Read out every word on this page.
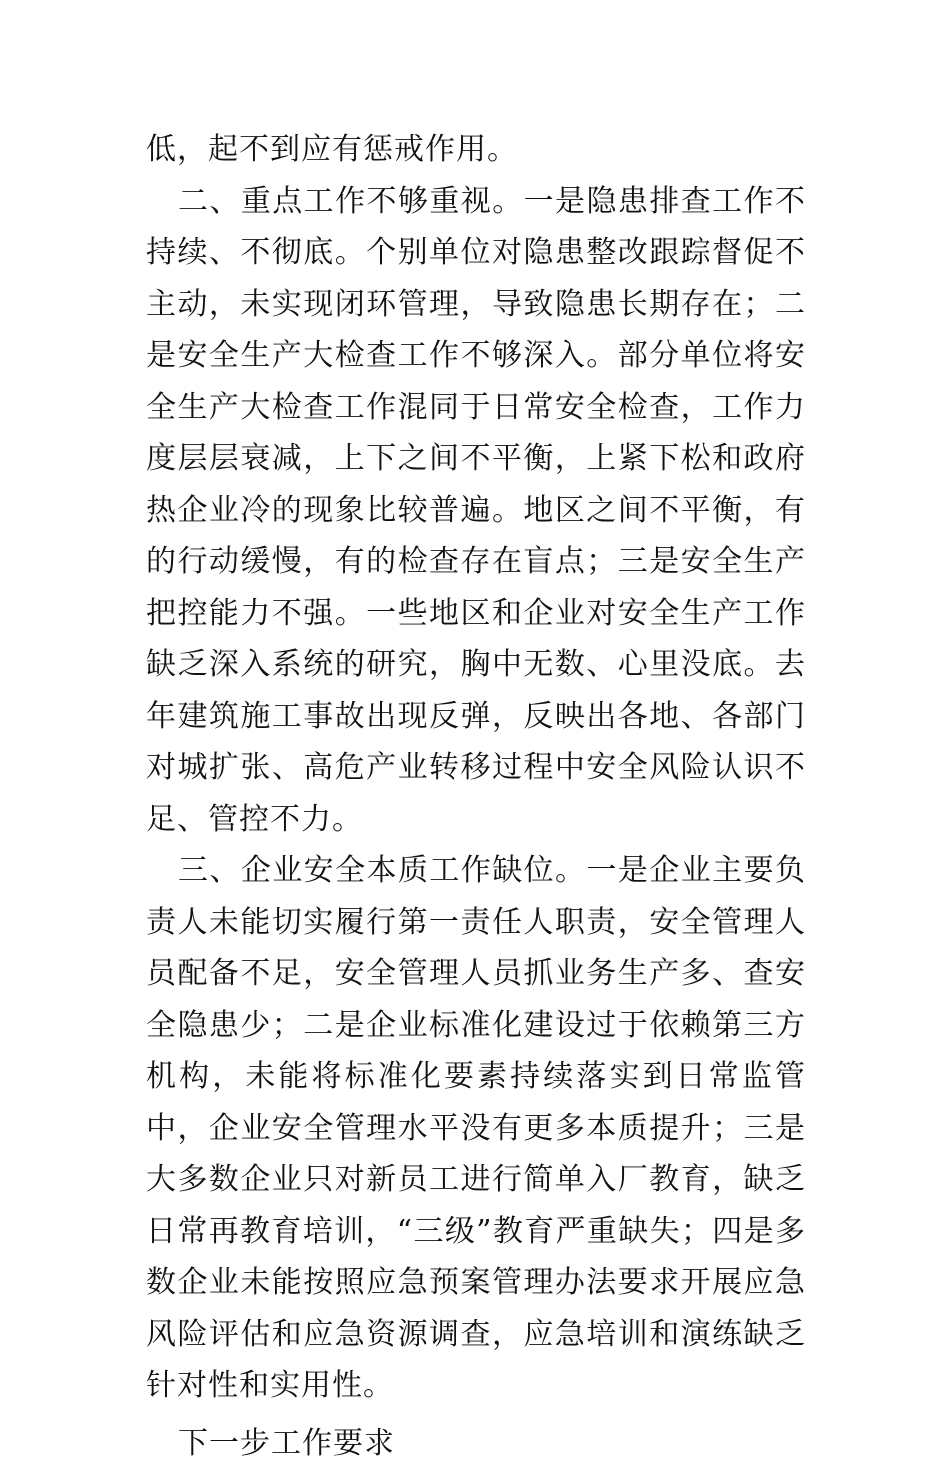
低，起不到应有惩戒作用。

二、重点工作不够重视。一是隐患排查工作不持续、不彻底。个别单位对隐患整改跟踪督促不主动，未实现闭环管理，导致隐患长期存在；二是安全生产大检查工作不够深入。部分单位将安全生产大检查工作混同于日常安全检查，工作力度层层衰减，上下之间不平衡，上紧下松和政府热企业冷的现象比较普遍。地区之间不平衡，有的行动缓慢，有的检查存在盲点；三是安全生产把控能力不强。一些地区和企业对安全生产工作缺乏深入系统的研究，胸中无数、心里没底。去年建筑施工事故出现反弹，反映出各地、各部门对城扩张、高危产业转移过程中安全风险认识不足、管控不力。

三、企业安全本质工作缺位。一是企业主要负责人未能切实履行第一责任人职责，安全管理人员配备不足，安全管理人员抓业务生产多、查安全隐患少；二是企业标准化建设过于依赖第三方机构，未能将标准化要素持续落实到日常监管中，企业安全管理水平没有更多本质提升；三是大多数企业只对新员工进行简单入厂教育，缺乏日常再教育培训，“三级”教育严重缺失；四是多数企业未能按照应急预案管理办法要求开展应急风险评估和应急资源调查，应急培训和演练缺乏针对性和实用性。

下一步工作要求
